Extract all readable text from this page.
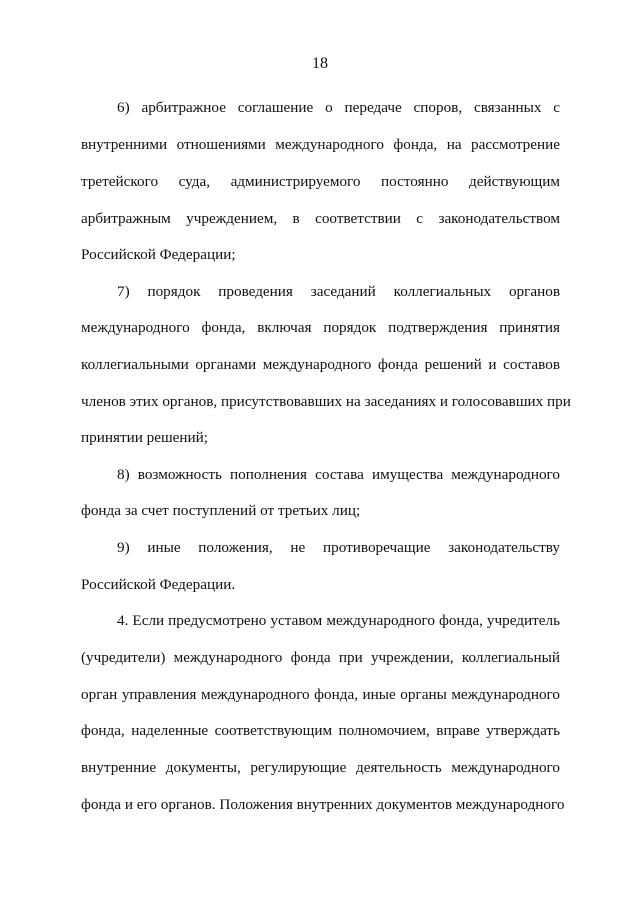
18
6) арбитражное соглашение о передаче споров, связанных с
внутренними отношениями международного фонда, на рассмотрение
третейского суда, администрируемого постоянно действующим
арбитражным учреждением, в соответствии с законодательством
Российской Федерации;
7) порядок проведения заседаний коллегиальных органов
международного фонда, включая порядок подтверждения принятия
коллегиальными органами международного фонда решений и составов
членов этих органов, присутствовавших на заседаниях и голосовавших при
принятии решений;
8) возможность пополнения состава имущества международного
фонда за счет поступлений от третьих лиц;
9) иные положения, не противоречащие законодательству
Российской Федерации.
4. Если предусмотрено уставом международного фонда, учредитель
(учредители) международного фонда при учреждении, коллегиальный
орган управления международного фонда, иные органы международного
фонда, наделенные соответствующим полномочием, вправе утверждать
внутренние документы, регулирующие деятельность международного
фонда и его органов. Положения внутренних документов международного
